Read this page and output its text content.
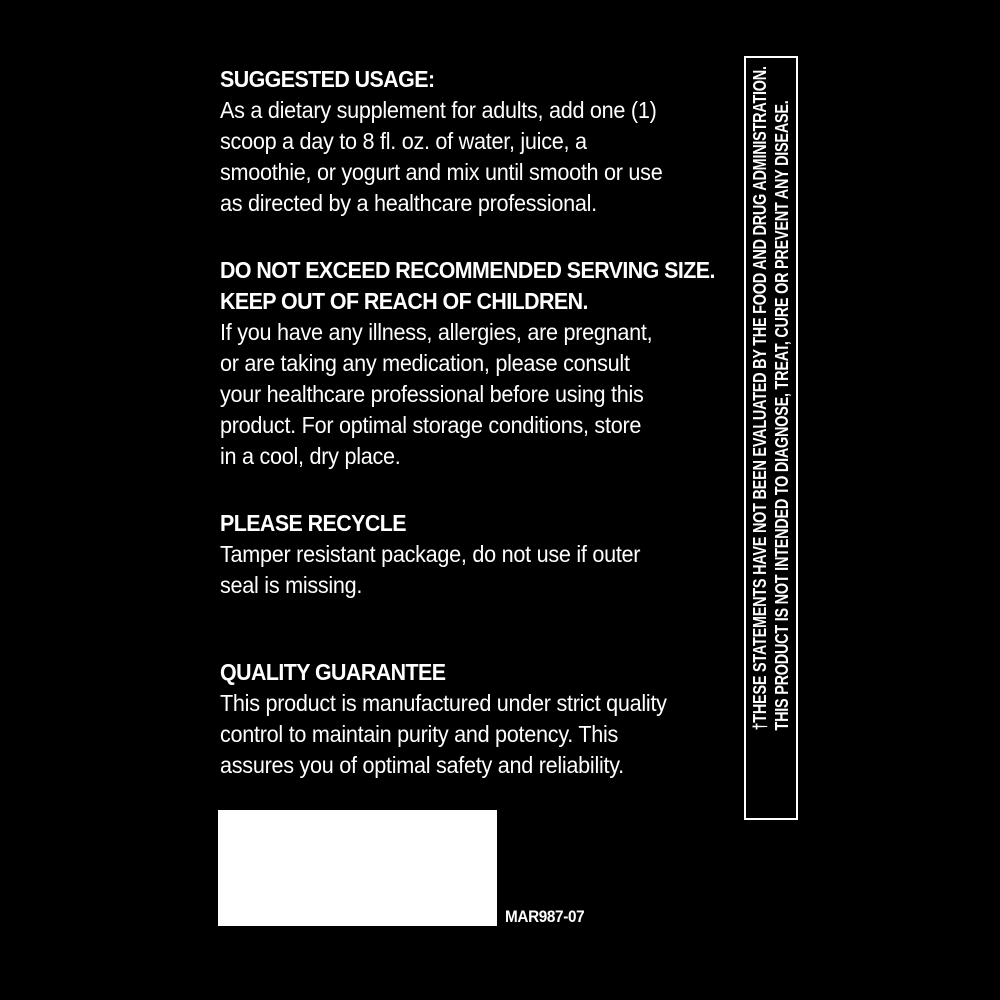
SUGGESTED USAGE:

As a dietary supplement for adults, add one (1)
scoop a day to 8 fl. oz. of water, juice, a
smoothie, or yogurt and mix until smooth or use
as directed by a healthcare professional.

DO NOT EXCEED RECOMMENDED SERVING SIZE.

KEEP OUT OF REACH OF CHILDREN.

If you have any illness, allergies, are pregnant,
or are taking any medication, please consult
your healthcare professional before using this
product. For optimal storage conditions, store
in a cool, dry place.

PLEASE RECYCLE

Tamper resistant package, do not use if outer
seal is missing.

QUALITY GUARANTEE

This product is manufactured under strict quality
control to maintain purity and potency. This
assures you of optimal safety and reliability.

†THESE STATEMENTS HAVE NOT BEEN EVALUATED BY THE FOOD AND DRUG ADMINISTRATION. THIS PRODUCT IS NOT INTENDED TO DIAGNOSE, TREAT, CURE OR PREVENT ANY DISEASE.
MAR987-07
